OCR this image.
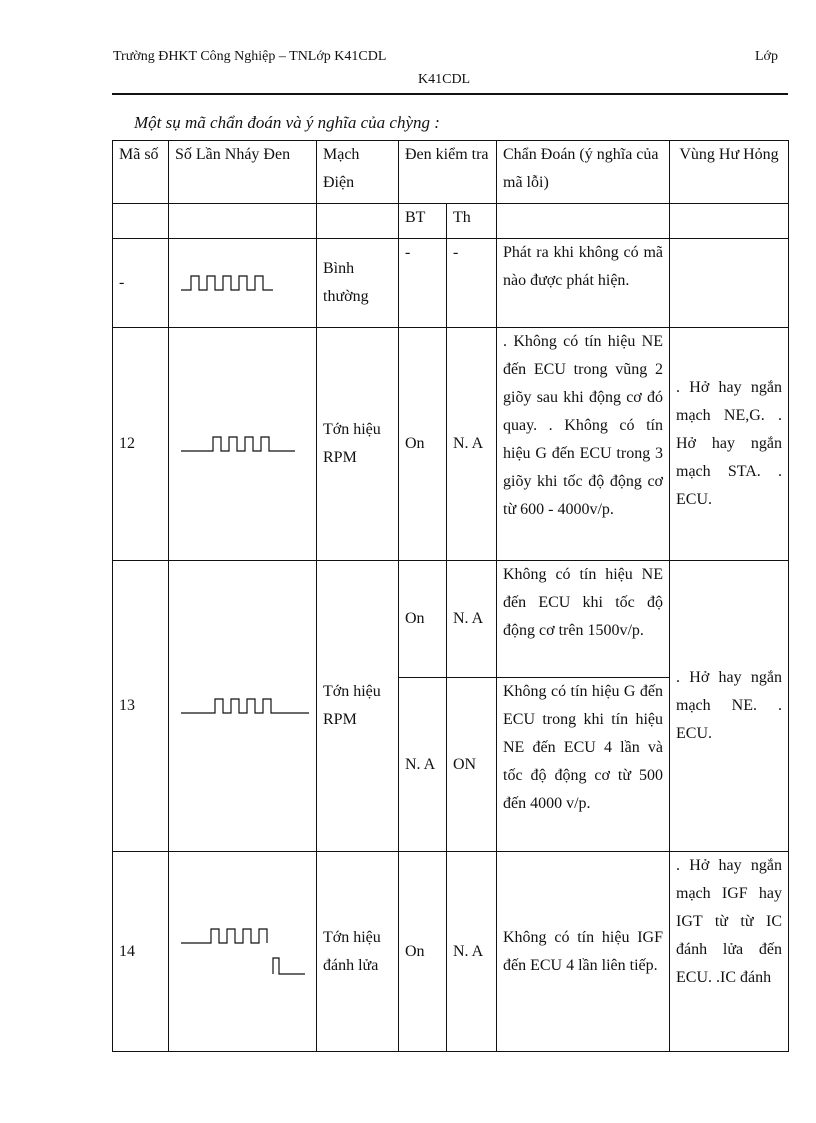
Trường ĐHKT Công Nghiệp – TNLớp K41CDL
K41CDL
Lớp
Một sụ mã chẩn đoán và ý nghĩa của chỳng :
Mã số	Số Lần Nháy Đen	Mạch Điện	Đen kiểm tra		Chẩn Đoán (ý nghĩa của mã lỗi)	Vùng Hư Hỏng
			BT	Th		
-		Bình thường	-	-	Phát ra khi không có mã nào được phát hiện.	
12		Tớn hiệu RPM	On	N. A	. Không có tín hiệu NE đến ECU trong vũng 2 giõy sau khi động cơ đó quay. . Không có tín hiệu G đến ECU trong 3 giõy khi tốc độ động cơ từ 600 - 4000v/p.	. Hở hay ngắn mạch NE,G. . Hở hay ngắn mạch STA. . ECU.
13		Tớn hiệu RPM	On	N. A	Không có tín hiệu NE đến ECU khi tốc độ động cơ trên 1500v/p.	. Hở hay ngắn mạch NE. . ECU.
			N. A	ON	Không có tín hiệu G đến ECU trong khi tín hiệu NE đến ECU 4 lần và tốc độ động cơ từ 500 đến 4000 v/p.	
14		Tớn hiệu đánh lửa	On	N. A	Không có tín hiệu IGF đến ECU 4 lần liên tiếp.	. Hở hay ngắn mạch IGF hay IGT từ từ IC đánh lửa đến ECU. .IC đánh
